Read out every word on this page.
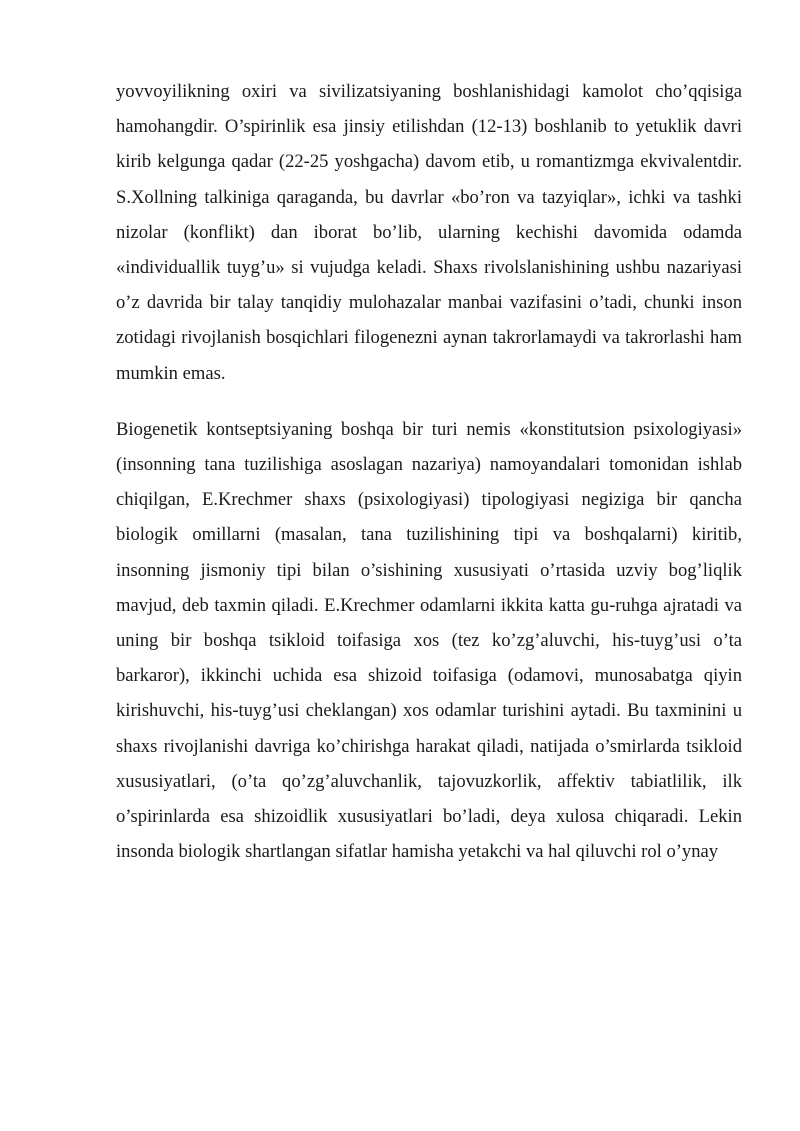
yovvoyilikning oxiri va sivilizatsiyaning boshlanishidagi kamolot cho’qqisiga hamohangdir. O’spirinlik esa jinsiy etilishdan (12-13) boshlanib to yetuklik davri kirib kelgunga qadar (22-25 yoshgacha) davom etib, u romantizmga ekvivalentdir. S.Xollning talkiniga qaraganda, bu davrlar «bo’ron va tazyiqlar», ichki va tashki nizolar (konflikt) dan iborat bo’lib, ularning kechishi davomida odamda «individuallik tuyg’u» si vujudga keladi. Shaxs rivolslanishining ushbu nazariyasi o’z davrida bir talay tanqidiy mulohazalar manbai vazifasini o’tadi, chunki inson zotidagi rivojlanish bosqichlari filogenezni aynan takrorlamaydi va takrorlashi ham mumkin emas.

Biogenetik kontseptsiyaning boshqa bir turi nemis «konstitutsion psixologiyasi» (insonning tana tuzilishiga asoslagan nazariya) namoyandalari tomonidan ishlab chiqilgan, E.Krechmer shaxs (psixologiyasi) tipologiyasi negiziga bir qancha biologik omillarni (masalan, tana tuzilishining tipi va boshqalarni) kiritib, insonning jismoniy tipi bilan o’sishining xususiyati o’rtasida uzviy bog’liqlik mavjud, deb taxmin qiladi. E.Krechmer odamlarni ikkita katta gu-ruhga ajratadi va uning bir boshqa tsikloid toifasiga xos (tez ko’zg’aluvchi, his-tuyg’usi o’ta barkaror), ikkinchi uchida esa shizoid toifasiga (odamovi, munosabatga qiyin kirishuvchi, his-tuyg’usi cheklangan) xos odamlar turishini aytadi. Bu taxminini u shaxs rivojlanishi davriga ko’chirishga harakat qiladi, natijada o’smirlarda tsikloid xususiyatlari, (o’ta qo’zg’aluvchanlik, tajovuzkorlik, affektiv tabiatlilik, ilk o’spirinlarda esa shizoidlik xususiyatlari bo’ladi, deya xulosa chiqaradi. Lekin insonda biologik shartlangan sifatlar hamisha yetakchi va hal qiluvchi rol o’ynay
